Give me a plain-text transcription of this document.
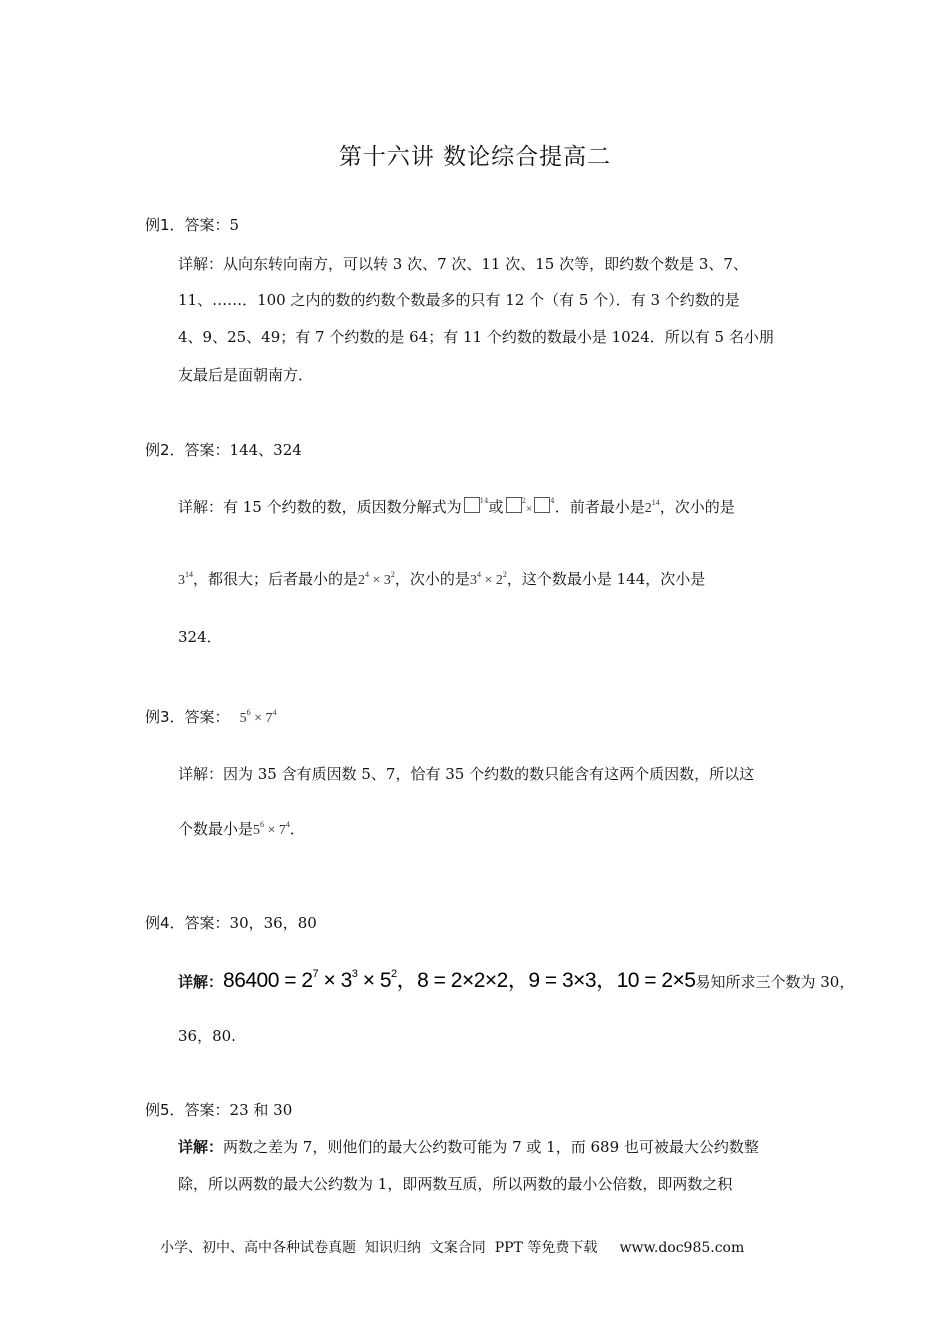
第十六讲 数论综合提高二
例1．答案：5
详解：从向东转向南方，可以转 3 次、7 次、11 次、15 次等，即约数个数是 3、7、
11、……．100 之内的数的约数个数最多的只有 12 个（有 5 个）．有 3 个约数的是
4、9、25、49；有 7 个约数的是 64；有 11 个约数的数最小是 1024．所以有 5 名小朋
友最后是面朝南方．
例2．答案：144、324
详解：有 15 个约数的数，质因数分解式为	$^{14}$或	$^2$×$^4$．前者最小是$2^{14}$，次小的是
$3^{14}$，都很大；后者最小的是$2^4 \times 3^2$，次小的是$3^4 \times 2^2$，这个数最小是 144，次小是
324．
例3．答案： $5^6 \times 7^4$
详解：因为 35 含有质因数 5、7，恰有 35 个约数的数只能含有这两个质因数，所以这
个数最小是$5^6 \times 7^4$．
例4．答案：30，36，80
详解：$86400 = 2^7 \times 3^3 \times 5^2$，8 = 2×2×2，9 = 3×3，10 = 2×5易知所求三个数为 30，
36，80.
例5．答案：23 和 30
详解：两数之差为 7，则他们的最大公约数可能为 7 或 1，而 689 也可被最大公约数整
除，所以两数的最大公约数为 1，即两数互质，所以两数的最小公倍数，即两数之积
小学、初中、高中各种试卷真题  知识归纳  文案合同  PPT 等免费下载     www.doc985.com
